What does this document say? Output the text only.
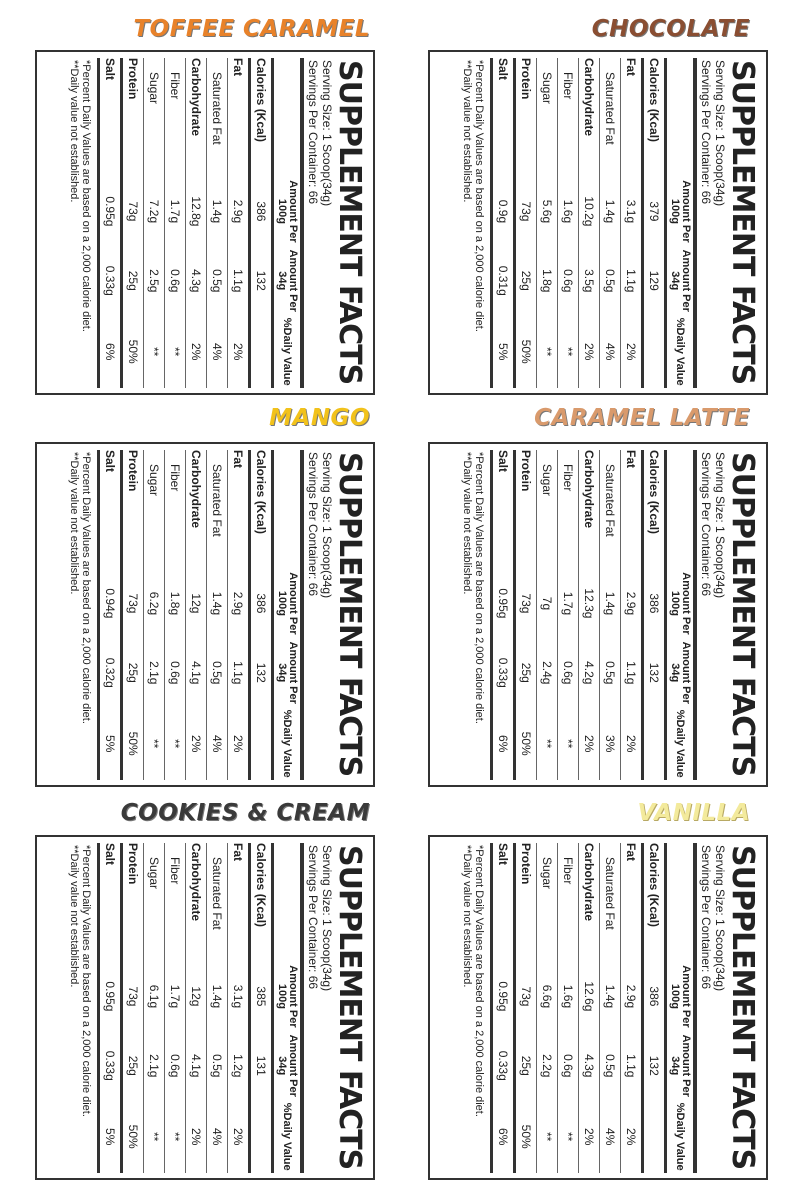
CHOCOLATE
SUPPLEMENT FACTS
Serving Size: 1 Scoop(34g)
Servings Per Container: 66
	Amount Per 100g	Amount Per 34g	%Daily Value
Calories (Kcal)	379	129	
Fat	3.1g	1.1g	2%
Saturated Fat	1.4g	0.5g	4%
Carbohydrate	10.2g	3.5g	2%
Fiber	1.6g	0.6g	**
Sugar	5.6g	1.8g	**
Protein	73g	25g	50%
Salt	0.9g	0.31g	5%
*Percent Daily Values are based on a 2,000 calorie diet.
**Daily value not established.
TOFFEE CARAMEL
SUPPLEMENT FACTS
Serving Size: 1 Scoop(34g)
Servings Per Container: 66
	Amount Per 100g	Amount Per 34g	%Daily Value
Calories (Kcal)	386	132	
Fat	2.9g	1.1g	2%
Saturated Fat	1.4g	0.5g	4%
Carbohydrate	12.8g	4.3g	2%
Fiber	1.7g	0.6g	**
Sugar	7.2g	2.5g	**
Protein	73g	25g	50%
Salt	0.95g	0.33g	6%
*Percent Daily Values are based on a 2,000 calorie diet.
**Daily value not established.
CARAMEL LATTE
SUPPLEMENT FACTS
Serving Size: 1 Scoop(34g)
Servings Per Container: 66
	Amount Per 100g	Amount Per 34g	%Daily Value
Calories (Kcal)	386	132	
Fat	2.9g	1.1g	2%
Saturated Fat	1.4g	0.5g	3%
Carbohydrate	12.3g	4.2g	2%
Fiber	1.7g	0.6g	**
Sugar	7g	2.4g	**
Protein	73g	25g	50%
Salt	0.95g	0.33g	6%
*Percent Daily Values are based on a 2,000 calorie diet.
**Daily value not established.
MANGO
SUPPLEMENT FACTS
Serving Size: 1 Scoop(34g)
Servings Per Container: 66
	Amount Per 100g	Amount Per 34g	%Daily Value
Calories (Kcal)	386	132	
Fat	2.9g	1.1g	2%
Saturated Fat	1.4g	0.5g	4%
Carbohydrate	12g	4.1g	2%
Fiber	1.8g	0.6g	**
Sugar	6.2g	2.1g	**
Protein	73g	25g	50%
Salt	0.94g	0.32g	5%
*Percent Daily Values are based on a 2,000 calorie diet.
**Daily value not established.
VANILLA
SUPPLEMENT FACTS
Serving Size: 1 Scoop(34g)
Servings Per Container: 66
	Amount Per 100g	Amount Per 34g	%Daily Value
Calories (Kcal)	386	132	
Fat	2.9g	1.1g	2%
Saturated Fat	1.4g	0.5g	4%
Carbohydrate	12.6g	4.3g	2%
Fiber	1.6g	0.6g	**
Sugar	6.6g	2.2g	**
Protein	73g	25g	50%
Salt	0.95g	0.33g	6%
*Percent Daily Values are based on a 2,000 calorie diet.
**Daily value not established.
COOKIES & CREAM
SUPPLEMENT FACTS
Serving Size: 1 Scoop(34g)
Servings Per Container: 66
	Amount Per 100g	Amount Per 34g	%Daily Value
Calories (Kcal)	385	131	
Fat	3.1g	1.2g	2%
Saturated Fat	1.4g	0.5g	4%
Carbohydrate	12g	4.1g	2%
Fiber	1.7g	0.6g	**
Sugar	6.1g	2.1g	**
Protein	73g	25g	50%
Salt	0.95g	0.33g	5%
*Percent Daily Values are based on a 2,000 calorie diet.
**Daily value not established.
